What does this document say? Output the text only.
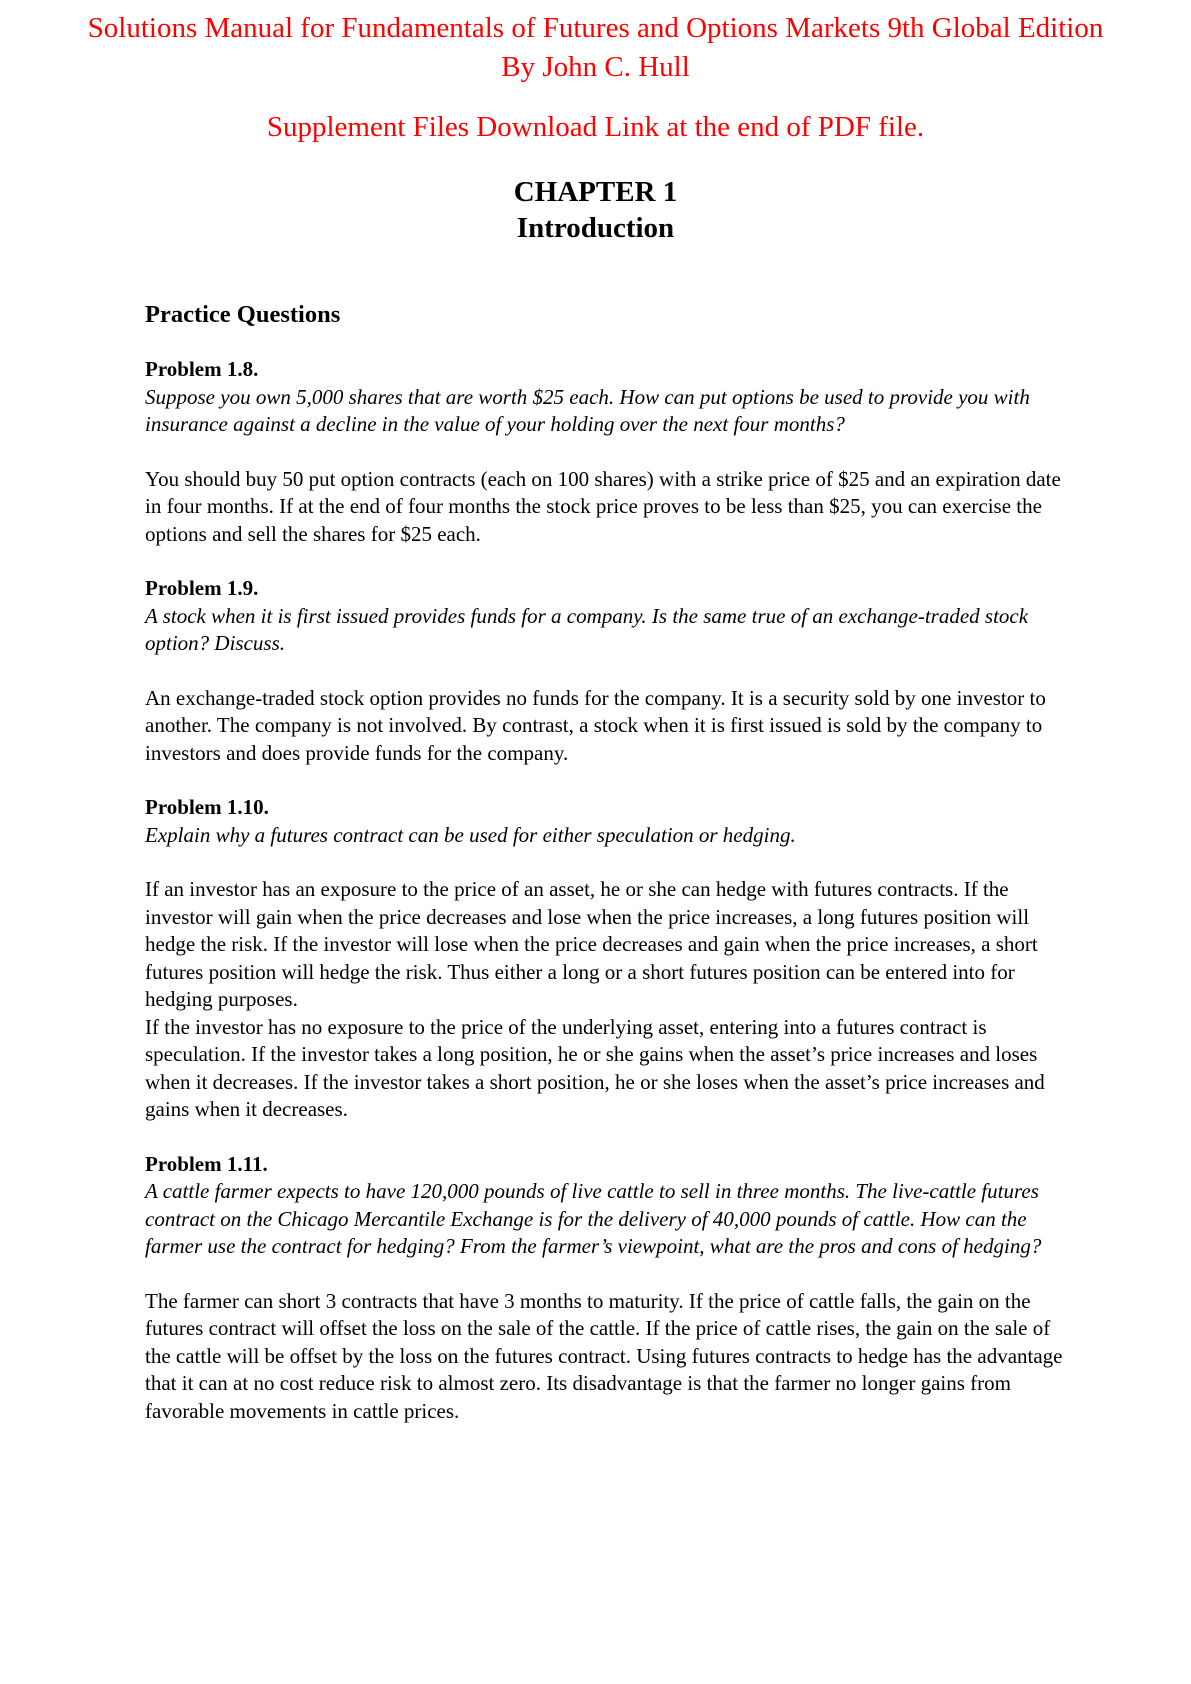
Solutions Manual for Fundamentals of Futures and Options Markets 9th Global Edition
By John C. Hull
Supplement Files Download Link at the end of PDF file.
CHAPTER 1
Introduction
Practice Questions
Problem 1.8.
Suppose you own 5,000 shares that are worth $25 each. How can put options be used to provide you with insurance against a decline in the value of your holding over the next four months?

You should buy 50 put option contracts (each on 100 shares) with a strike price of $25 and an expiration date in four months. If at the end of four months the stock price proves to be less than $25, you can exercise the options and sell the shares for $25 each.

Problem 1.9.
A stock when it is first issued provides funds for a company. Is the same true of an exchange-traded stock option? Discuss.

An exchange-traded stock option provides no funds for the company. It is a security sold by one investor to another. The company is not involved. By contrast, a stock when it is first issued is sold by the company to investors and does provide funds for the company.

Problem 1.10.
Explain why a futures contract can be used for either speculation or hedging.

If an investor has an exposure to the price of an asset, he or she can hedge with futures contracts. If the investor will gain when the price decreases and lose when the price increases, a long futures position will hedge the risk. If the investor will lose when the price decreases and gain when the price increases, a short futures position will hedge the risk. Thus either a long or a short futures position can be entered into for hedging purposes.

If the investor has no exposure to the price of the underlying asset, entering into a futures contract is speculation. If the investor takes a long position, he or she gains when the asset’s price increases and loses when it decreases. If the investor takes a short position, he or she loses when the asset’s price increases and gains when it decreases.

Problem 1.11.
A cattle farmer expects to have 120,000 pounds of live cattle to sell in three months. The live-cattle futures contract on the Chicago Mercantile Exchange is for the delivery of 40,000 pounds of cattle. How can the farmer use the contract for hedging? From the farmer’s viewpoint, what are the pros and cons of hedging?

The farmer can short 3 contracts that have 3 months to maturity. If the price of cattle falls, the gain on the futures contract will offset the loss on the sale of the cattle. If the price of cattle rises, the gain on the sale of the cattle will be offset by the loss on the futures contract. Using futures contracts to hedge has the advantage that it can at no cost reduce risk to almost zero. Its disadvantage is that the farmer no longer gains from favorable movements in cattle prices.
